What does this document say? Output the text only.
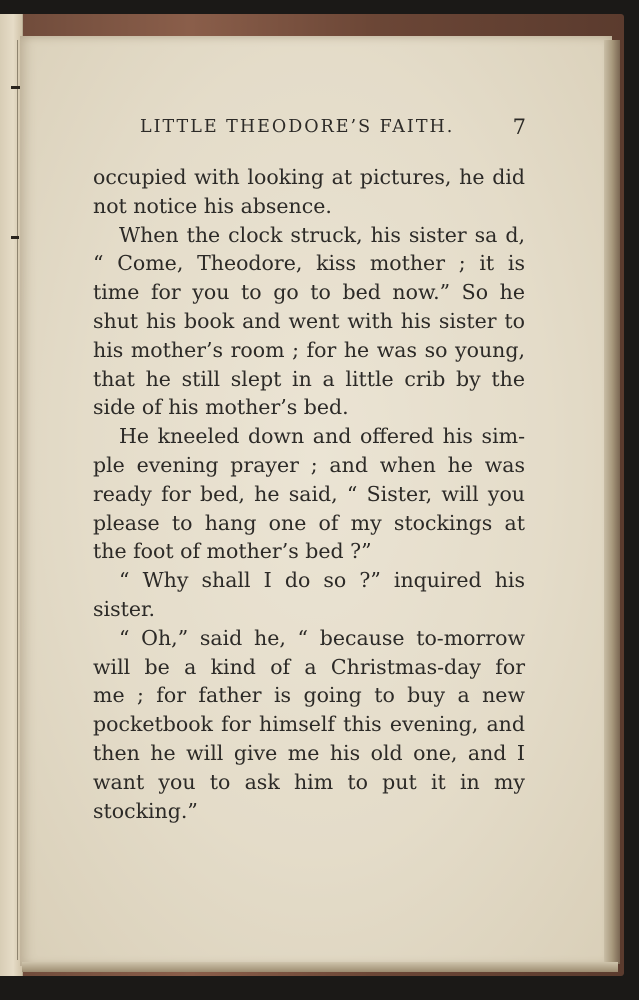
LITTLE THEODORE’S FAITH.	7
occupied with looking at pictures, he did
not notice his absence.
When the clock struck, his sister sa d,
“ Come, Theodore, kiss mother ; it is
time for you to go to bed now.” So he
shut his book and went with his sister to
his mother’s room ; for he was so young,
that he still slept in a little crib by the
side of his mother’s bed.
He kneeled down and offered his sim-
ple evening prayer ; and when he was
ready for bed, he said, “ Sister, will you
please to hang one of my stockings at
the foot of mother’s bed ?”
“ Why shall I do so ?” inquired his
sister.
“ Oh,” said he, “ because to-morrow
will be a kind of a Christmas-day for
me ; for father is going to buy a new
pocketbook for himself this evening, and
then he will give me his old one, and I
want you to ask him to put it in my
stocking.”
